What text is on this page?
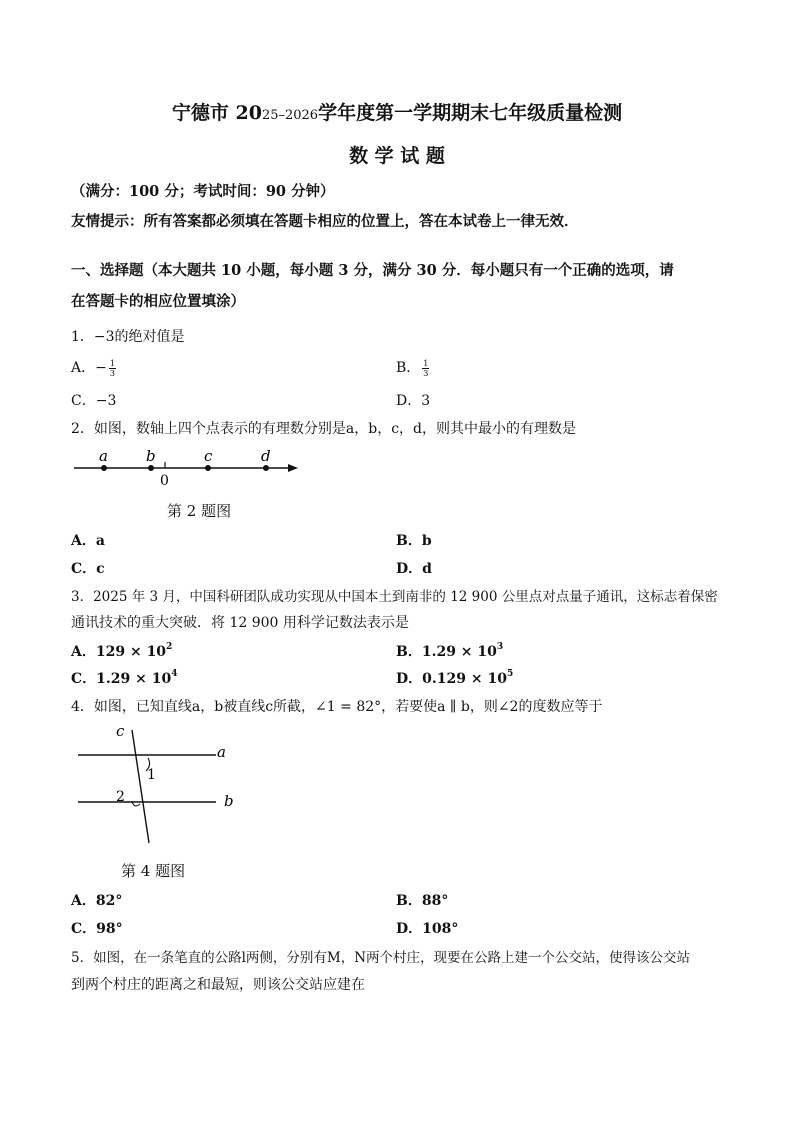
宁德市 2025–2026学年度第一学期期末七年级质量检测
数 学 试 题
（满分：100 分；考试时间：90 分钟）
友情提示：所有答案都必须填在答题卡相应的位置上，答在本试卷上一律无效．
一、选择题（本大题共 10 小题，每小题 3 分，满分 30 分．每小题只有一个正确的选项，请
在答题卡的相应位置填涂）
1．−3的绝对值是
A．− $\frac{1}{3}$	B． $\frac{1}{3}$
C．−3	D．3
2．如图，数轴上四个点表示的有理数分别是a，b，c，d，则其中最小的有理数是
a	b	c	d
0
第 2 题图
A．a	B．b
C．c	D．d
3．2025 年 3 月，中国科研团队成功实现从中国本土到南非的 12 900 公里点对点量子通讯，这标志着保密
通讯技术的重大突破．将 12 900 用科学记数法表示是
A．$129 \times 10^2$	B．$1.29 \times 10^3$
C．$1.29 \times 10^4$	D．$0.129 \times 10^5$
4．如图，已知直线a，b被直线c所截，∠1 = 82°，若要使a ∥ b，则∠2的度数应等于
c
a
b
1
2
第 4 题图
A．82°	B．88°
C．98°	D．108°
5．如图，在一条笔直的公路l两侧，分别有M，N两个村庄，现要在公路上建一个公交站，使得该公交站
到两个村庄的距离之和最短，则该公交站应建在
